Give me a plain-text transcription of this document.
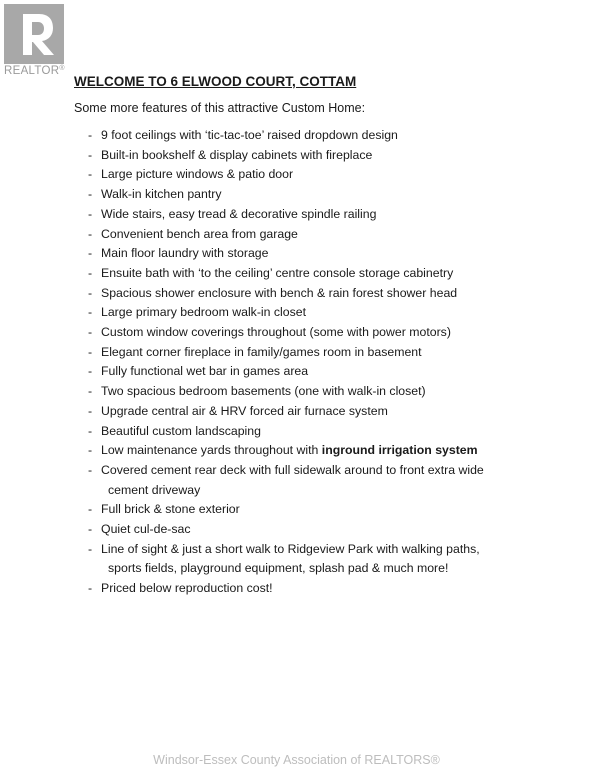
REALTOR®
WELCOME TO 6 ELWOOD COURT, COTTAM

Some more features of this attractive Custom Home:

- 9 foot ceilings with ‘tic-tac-toe’ raised dropdown design
- Built-in bookshelf & display cabinets with fireplace
- Large picture windows & patio door
- Walk-in kitchen pantry
- Wide stairs, easy tread & decorative spindle railing
- Convenient bench area from garage
- Main floor laundry with storage
- Ensuite bath with ‘to the ceiling’ centre console storage cabinetry
- Spacious shower enclosure with bench & rain forest shower head
- Large primary bedroom walk-in closet
- Custom window coverings throughout (some with power motors)
- Elegant corner fireplace in family/games room in basement
- Fully functional wet bar in games area
- Two spacious bedroom basements (one with walk-in closet)
- Upgrade central air & HRV forced air furnace system
- Beautiful custom landscaping
- Low maintenance yards throughout with inground irrigation system
- Covered cement rear deck with full sidewalk around to front extra wide
cement driveway
- Full brick & stone exterior
- Quiet cul-de-sac
- Line of sight & just a short walk to Ridgeview Park with walking paths,
sports fields, playground equipment, splash pad & much more!
- Priced below reproduction cost!
Windsor-Essex County Association of REALTORS®
